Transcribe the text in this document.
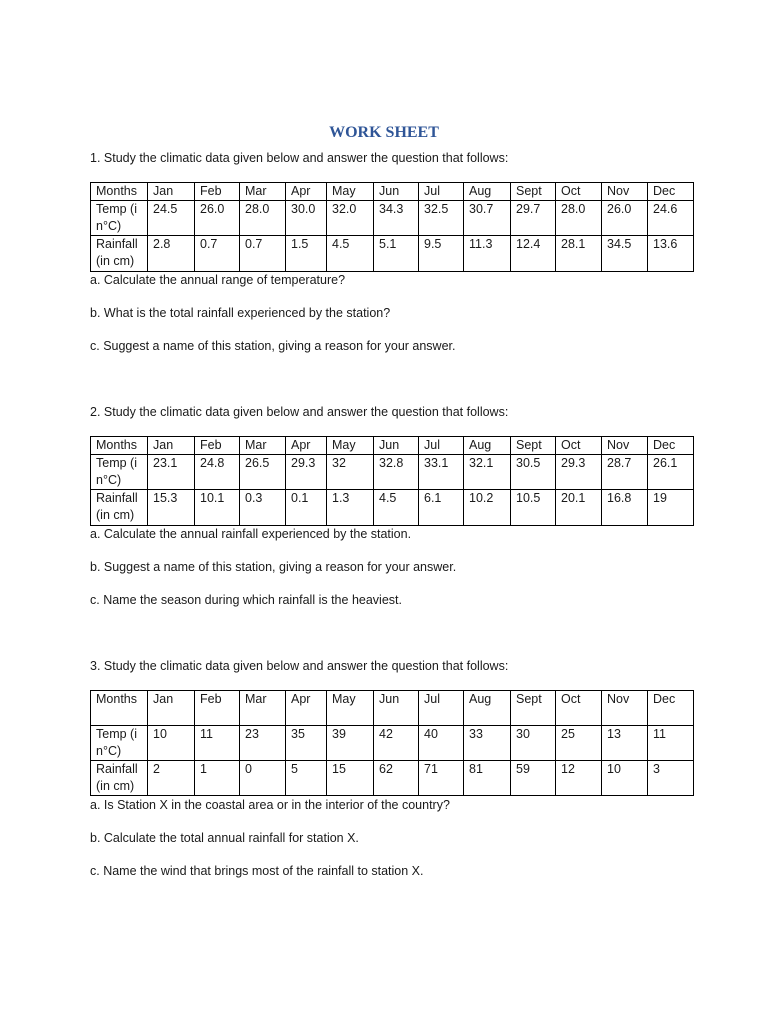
WORK SHEET

1. Study the climatic data given below and answer the question that follows:

Months	Jan	Feb	Mar	Apr	May	Jun	Jul	Aug	Sept	Oct	Nov	Dec
Temp (in°C)	24.5	26.0	28.0	30.0	32.0	34.3	32.5	30.7	29.7	28.0	26.0	24.6
Rainfall (in cm)	2.8	0.7	0.7	1.5	4.5	5.1	9.5	11.3	12.4	28.1	34.5	13.6

a. Calculate the annual range of temperature?

b. What is the total rainfall experienced by the station?

c. Suggest a name of this station, giving a reason for your answer.

2. Study the climatic data given below and answer the question that follows:

Months	Jan	Feb	Mar	Apr	May	Jun	Jul	Aug	Sept	Oct	Nov	Dec
Temp (in°C)	23.1	24.8	26.5	29.3	32	32.8	33.1	32.1	30.5	29.3	28.7	26.1
Rainfall (in cm)	15.3	10.1	0.3	0.1	1.3	4.5	6.1	10.2	10.5	20.1	16.8	19

a. Calculate the annual rainfall experienced by the station.

b. Suggest a name of this station, giving a reason for your answer.

c. Name the season during which rainfall is the heaviest.

3. Study the climatic data given below and answer the question that follows:

Months	Jan	Feb	Mar	Apr	May	Jun	Jul	Aug	Sept	Oct	Nov	Dec
Temp (in°C)	10	11	23	35	39	42	40	33	30	25	13	11
Rainfall (in cm)	2	1	0	5	15	62	71	81	59	12	10	3

a. Is Station X in the coastal area or in the interior of the country?

b. Calculate the total annual rainfall for station X.

c. Name the wind that brings most of the rainfall to station X.
